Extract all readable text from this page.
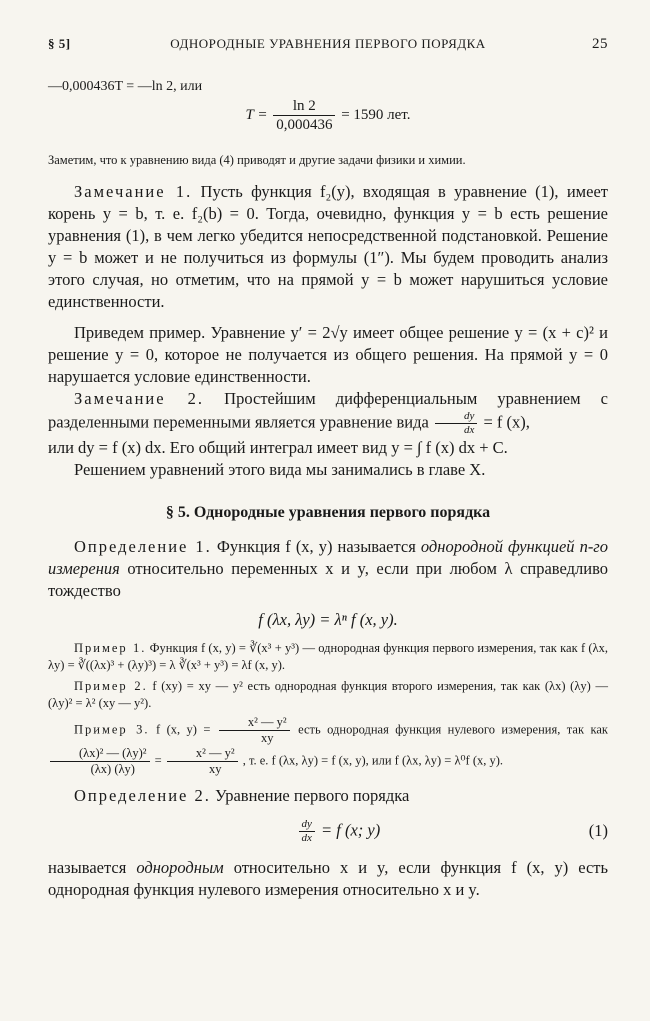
§ 5]	ОДНОРОДНЫЕ УРАВНЕНИЯ ПЕРВОГО ПОРЯДКА	25

—0,000436T = —ln 2, или

$T = \frac{\ln 2}{0,000436} = 1590$ лет.

Заметим, что к уравнению вида (4) приводят и другие задачи физики и химии.

Замечание 1. Пусть функция f₂(y), входящая в уравнение (1), имеет корень y = b, т. е. f₂(b) = 0. Тогда, очевидно, функция y = b есть решение уравнения (1), в чем легко убедится непосредственной подстановкой. Решение y = b может и не получиться из формулы (1″). Мы будем проводить анализ этого случая, но отметим, что на прямой y = b может нарушиться условие единственности.

Приведем пример. Уравнение y′ = 2√y имеет общее решение y = (x + c)² и решение y = 0, которое не получается из общего решения. На прямой y = 0 нарушается условие единственности.

Замечание 2. Простейшим дифференциальным уравнением с разделенными переменными является уравнение вида $\frac{dy}{dx} = f$ (x),

или dy = f (x) dx. Его общий интеграл имеет вид y = ∫ f (x) dx + C.

Решением уравнений этого вида мы занимались в главе X.

§ 5. Однородные уравнения первого порядка

Определение 1. Функция f (x, y) называется однородной функцией n-го измерения относительно переменных x и y, если при любом λ справедливо тождество

f (λx, λy) = λⁿ f (x, y).

Пример 1. Функция f (x, y) = ∛(x³ + y³) — однородная функция первого измерения, так как f (λx, λy) = ∛((λx)³ + (λy)³) = λ ∛(x³ + y³) = λf (x, y).

Пример 2. f (xy) = xy — y² есть однородная функция второго измерения, так как (λx) (λy) — (λy)² = λ² (xy — y²).

Пример 3. f (x, $y) = \frac{\text{x² — y²}}{xy}$ есть однородная функция нулевого измерения, так как
$\frac{\text{(λx)² — (λy)²}}{(\lambda x) (\lambda y)} = \frac{\text{x² — y²}}{xy}$ , т. е. f (λx, λy) = f (x, y), или f (λx, λy) = λ⁰f (x, y).

Определение 2. Уравнение первого порядка

$\frac{dy}{dx} = f$ (x; y)	(1)

называется однородным относительно x и y, если функция f (x, y) есть однородная функция нулевого измерения относительно x и y.
